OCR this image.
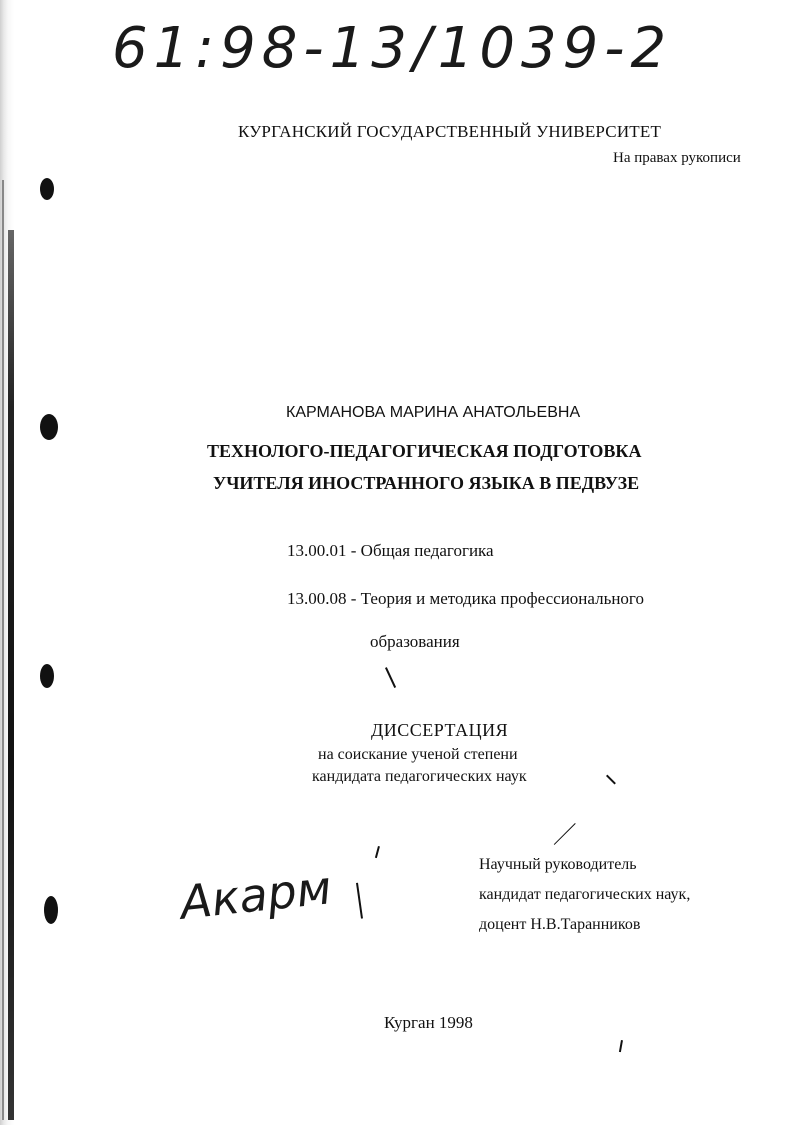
61:98-13/1039-2
КУРГАНСКИЙ ГОСУДАРСТВЕННЫЙ УНИВЕРСИТЕТ
На правах рукописи
КАРМАНОВА МАРИНА АНАТОЛЬЕВНА
ТЕХНОЛОГО-ПЕДАГОГИЧЕСКАЯ ПОДГОТОВКА
УЧИТЕЛЯ ИНОСТРАННОГО ЯЗЫКА В ПЕДВУЗЕ
13.00.01 - Общая педагогика
13.00.08 - Теория и методика профессионального
образования
ДИССЕРТАЦИЯ
на соискание ученой степени
кандидата педагогических наук
Акарм	Научный руководитель
кандидат педагогических наук,
доцент Н.В.Таранников
Курган 1998
